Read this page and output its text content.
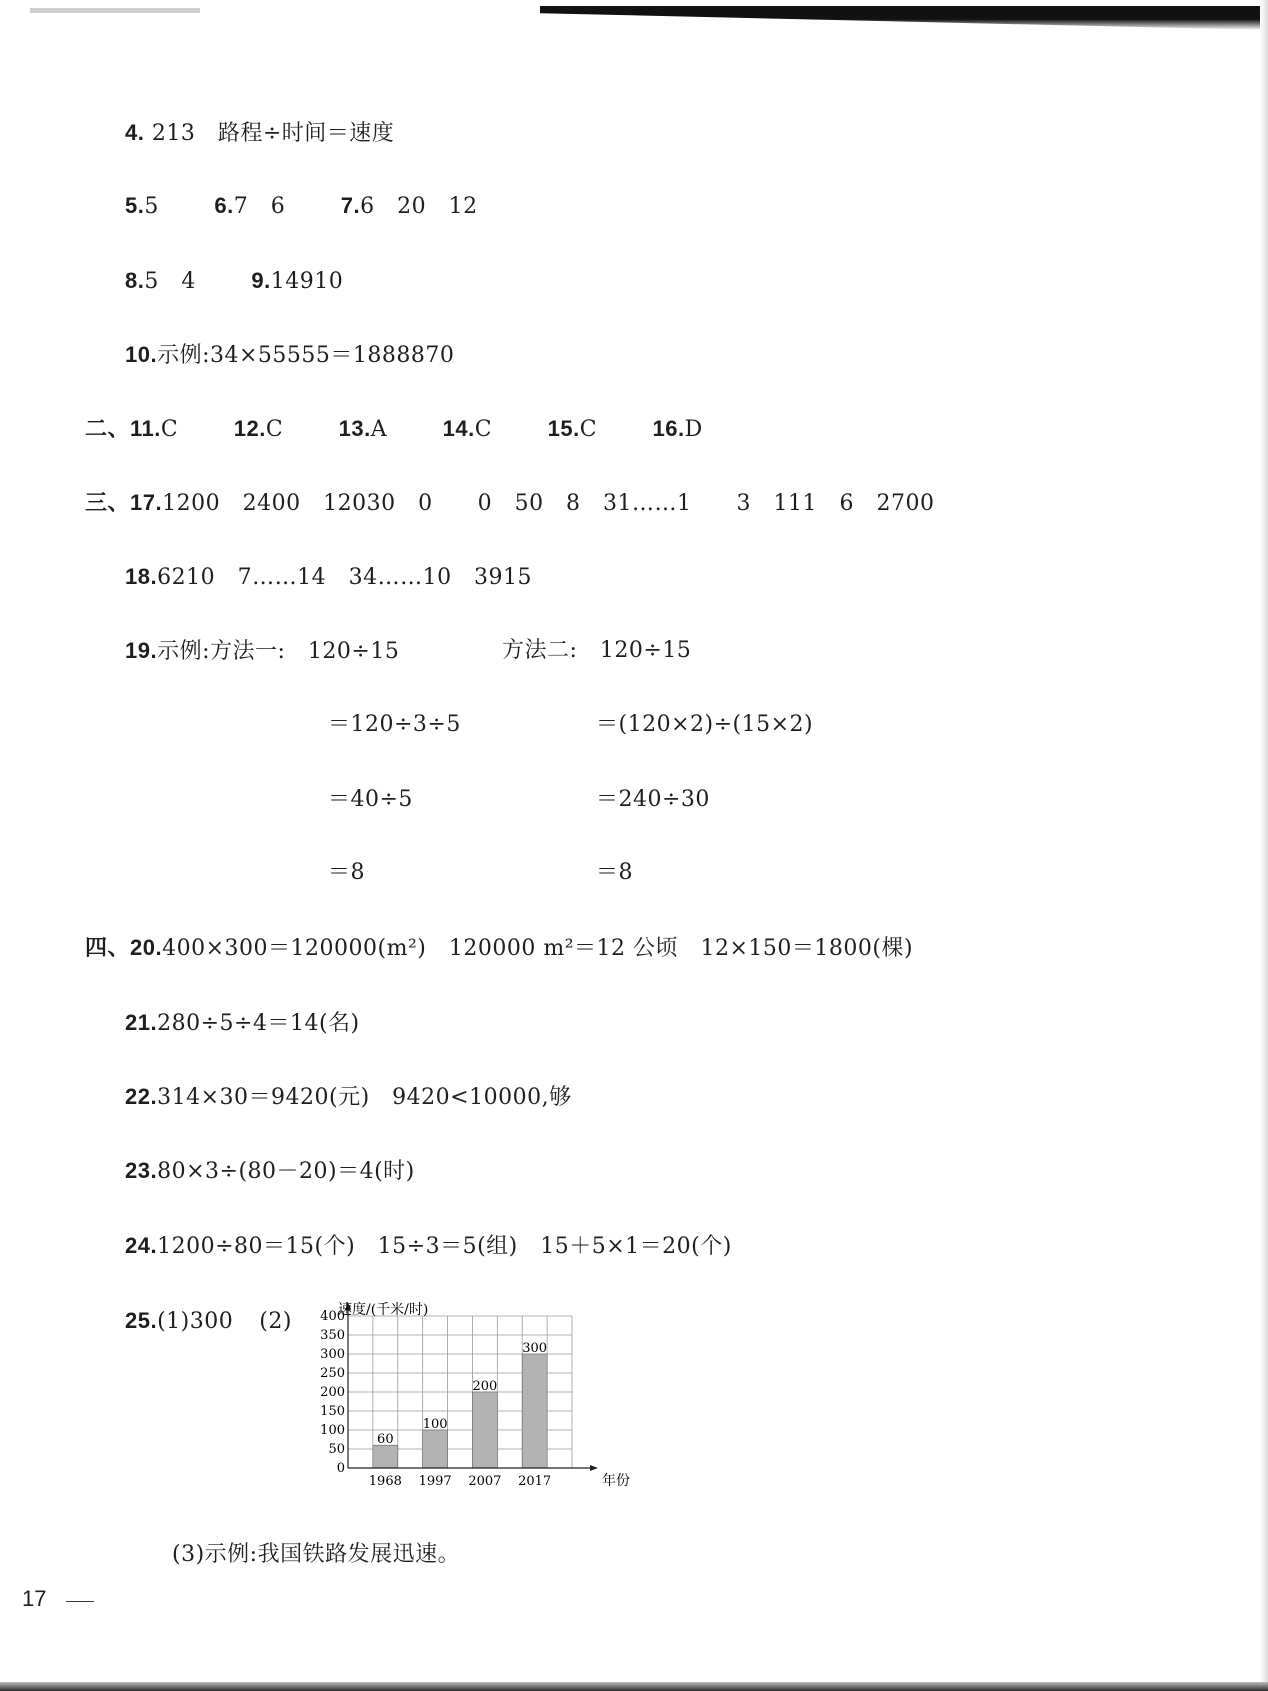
4. 213　路程÷时间＝速度
5.5	6.7　6	7.6　20　12
8.5　4	9.14910
10.示例:34×55555＝1888870
二、11.C	12.C	13.A	14.C	15.C	16.D
三、17.1200　2400　12030　0　　0　50　8　31……1　　3　111　6　2700
18.6210　7……14　34……10　3915
19.示例:方法一:　120÷15	方法二:　120÷15
＝120÷3÷5	＝(120×2)÷(15×2)
＝40÷5	＝240÷30
＝8	＝8
四、20.400×300＝120000(m²)　120000 m²＝12 公顷　12×150＝1800(棵)
21.280÷5÷4＝14(名)
22.314×30＝9420(元)　9420<10000,够
23.80×3÷(80－20)＝4(时)
24.1200÷80＝15(个)　15÷3＝5(组)　15＋5×1＝20(个)
25.(1)300 (2)
60
1968
100
1997
200
2007
300
2017
0
50
100
150
200
250
300
350
400
速度/(千米/时)
年份
(3)示例:我国铁路发展迅速。
17
